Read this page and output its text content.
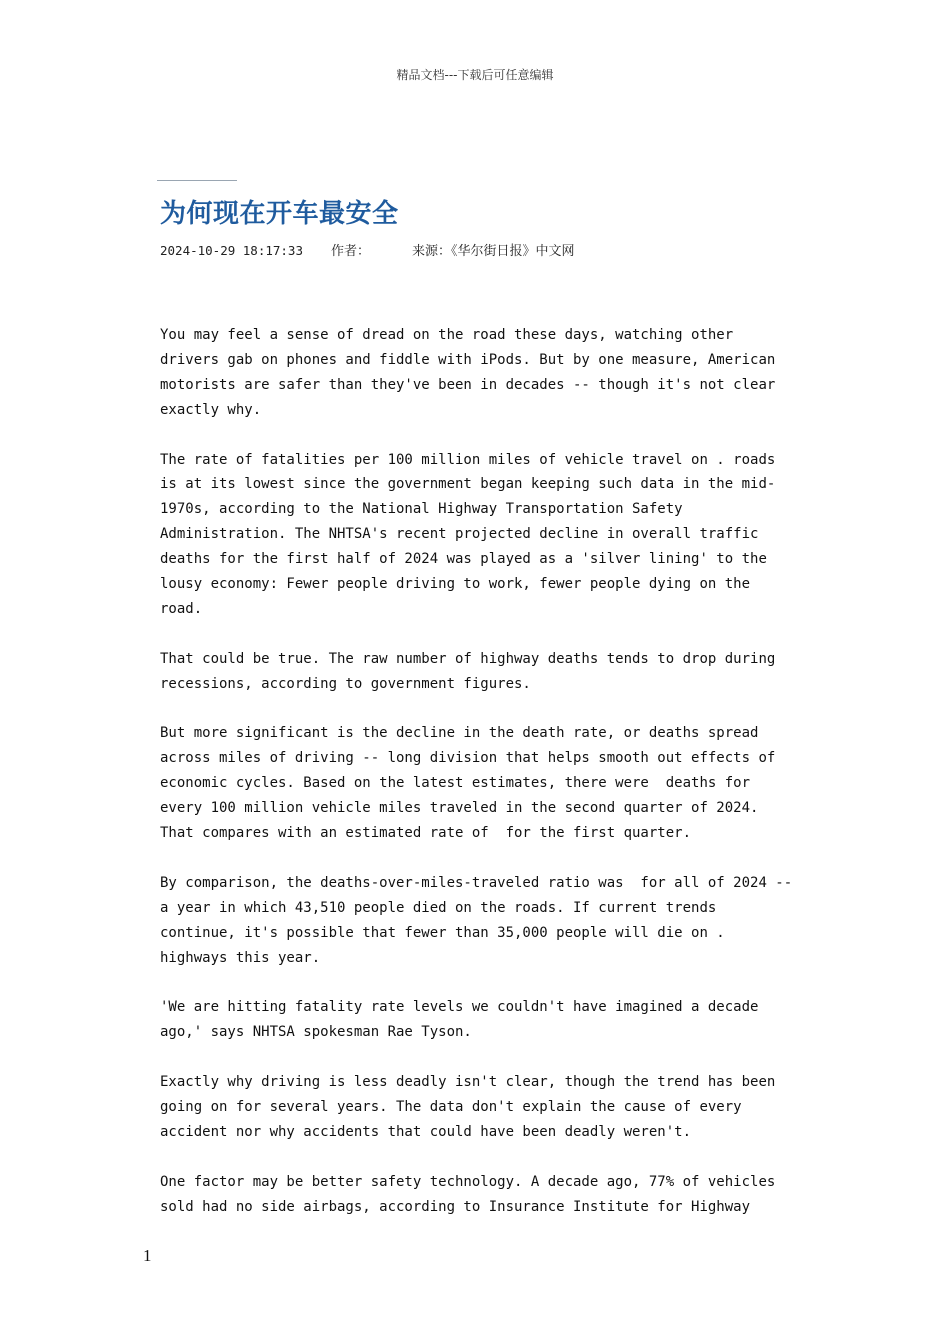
精品文档---下载后可任意编辑
为何现在开车最安全
2024-10-29 18:17:33 作者：	来源：《华尔街日报》中文网

You may feel a sense of dread on the road these days, watching other
drivers gab on phones and fiddle with iPods. But by one measure, American
motorists are safer than they've been in decades -- though it's not clear
exactly why.

The rate of fatalities per 100 million miles of vehicle travel on . roads
is at its lowest since the government began keeping such data in the mid-
1970s, according to the National Highway Transportation Safety
Administration. The NHTSA's recent projected decline in overall traffic
deaths for the first half of 2024 was played as a 'silver lining' to the
lousy economy: Fewer people driving to work, fewer people dying on the
road.

That could be true. The raw number of highway deaths tends to drop during
recessions, according to government figures.

But more significant is the decline in the death rate, or deaths spread
across miles of driving -- long division that helps smooth out effects of
economic cycles. Based on the latest estimates, there were  deaths for
every 100 million vehicle miles traveled in the second quarter of 2024.
That compares with an estimated rate of  for the first quarter.

By comparison, the deaths-over-miles-traveled ratio was  for all of 2024 --
a year in which 43,510 people died on the roads. If current trends
continue, it's possible that fewer than 35,000 people will die on .
highways this year.

'We are hitting fatality rate levels we couldn't have imagined a decade
ago,' says NHTSA spokesman Rae Tyson.

Exactly why driving is less deadly isn't clear, though the trend has been
going on for several years. The data don't explain the cause of every
accident nor why accidents that could have been deadly weren't.

One factor may be better safety technology. A decade ago, 77% of vehicles
sold had no side airbags, according to Insurance Institute for Highway

1
